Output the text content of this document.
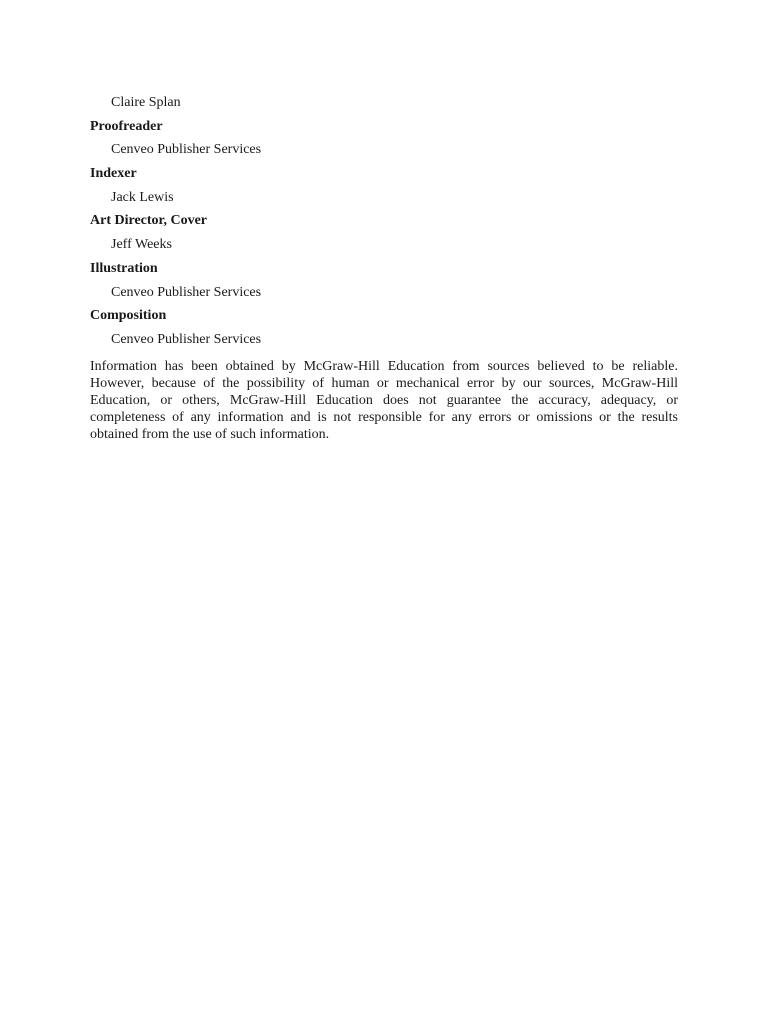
Claire Splan

Proofreader

Cenveo Publisher Services

Indexer

Jack Lewis

Art Director, Cover

Jeff Weeks

Illustration

Cenveo Publisher Services

Composition

Cenveo Publisher Services

Information has been obtained by McGraw-Hill Education from sources believed to be reliable. However, because of the possibility of human or mechanical error by our sources, McGraw-Hill Education, or others, McGraw-Hill Education does not guarantee the accuracy, adequacy, or completeness of any information and is not responsible for any errors or omissions or the results obtained from the use of such information.
